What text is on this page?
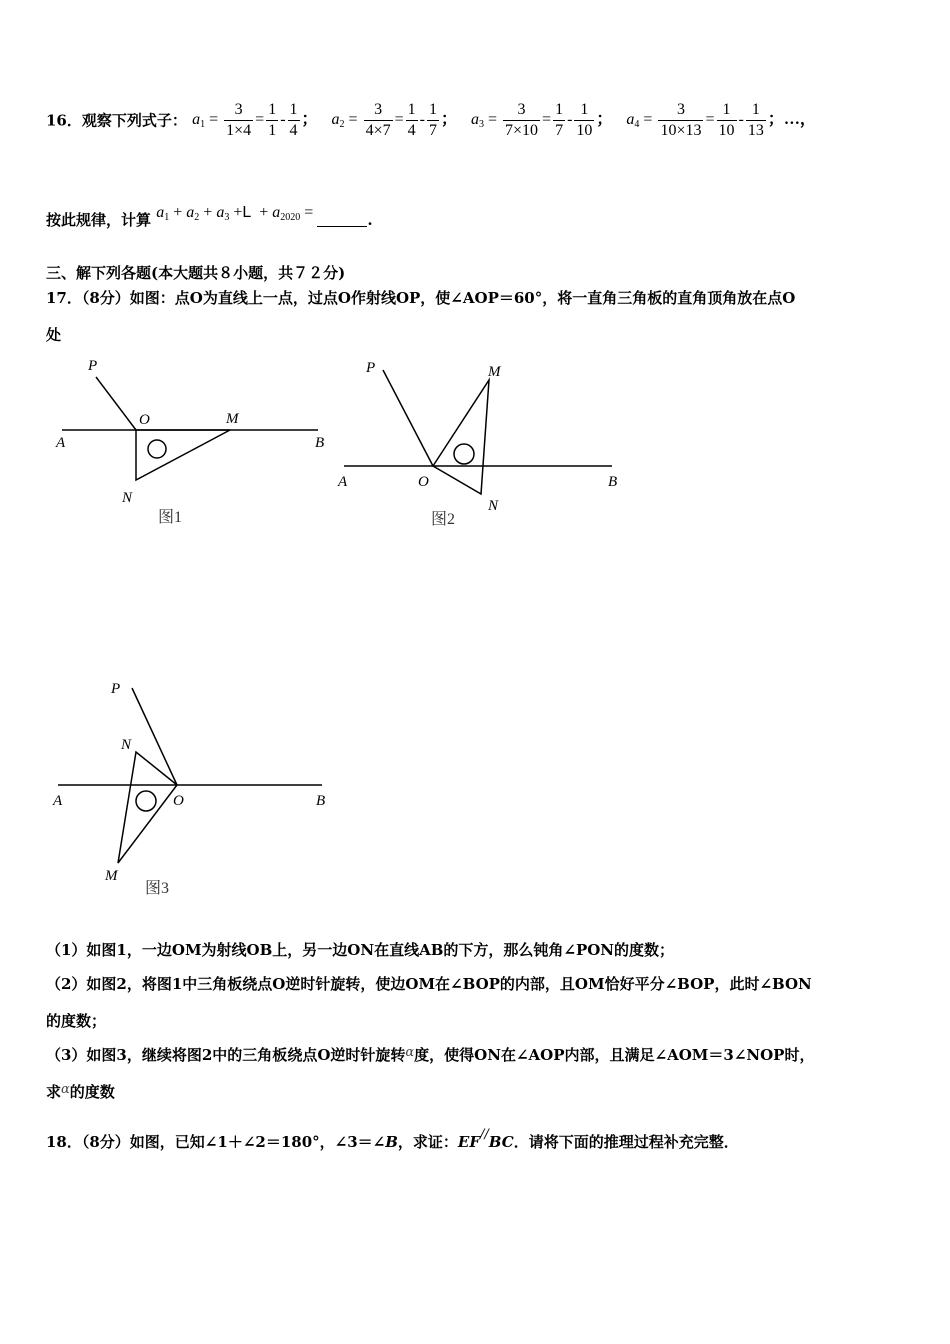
16．观察下列式子： $a_1 = \frac{3}{1\times 4} = \frac{1}{1} - \frac{1}{4}$ ； $a_2 = \frac{3}{4\times 7} = \frac{1}{4} - \frac{1}{7}$ ； $a_3 = \frac{3}{7\times 10} = \frac{1}{7} - \frac{1}{10}$ ； $a_4 = \frac{3}{10\times 13} = \frac{1}{10} - \frac{1}{13}$ ；…，
按此规律，计算 $a_1 + a_2 + a_3 +L + a_{2020}$ =	.
三、解下列各题(本大题共８小题，共７２分)
17．（8分）如图：点O为直线上一点，过点O作射线OP，使∠AOP＝60°，将一直角三角板的直角顶角放在点O
处
P
O	M
A	B
N
图1
P	M
A	O	B
N
图2
P
N
A	O	B
M
图3
（1）如图1，一边OM为射线OB上，另一边ON在直线AB的下方，那么钝角∠PON的度数；
（2）如图2，将图1中三角板绕点O逆时针旋转，使边OM在∠BOP的内部，且OM恰好平分∠BOP，此时∠BON
的度数；
（3）如图3，继续将图2中的三角板绕点O逆时针旋转α度，使得ON在∠AOP内部，且满足∠AOM＝3∠NOP时，
求α的度数
18．（8分）如图，已知∠1＋∠2＝180°，∠3＝∠B，求证：EF//BC．请将下面的推理过程补充完整．
